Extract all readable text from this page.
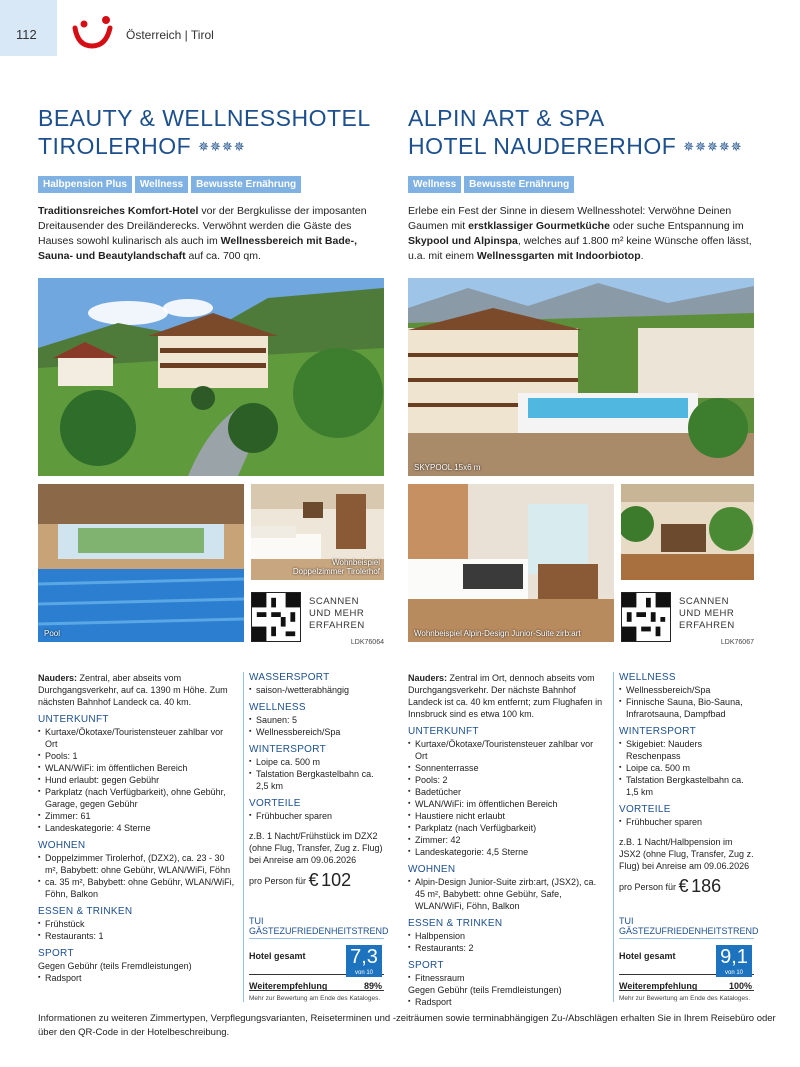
112	Österreich | Tirol
BEAUTY & WELLNESSHOTEL
TIROLERHOF ✵✵✵✵
Halbpension Plus Wellness Bewusste Ernährung

Traditionsreiches Komfort-Hotel vor der Bergkulisse der imposanten Dreitausender des Dreiländerecks. Verwöhnt werden die Gäste des Hauses sowohl kulinarisch als auch im Wellnessbereich mit Bade-, Sauna- und Beautylandschaft auf ca. 700 qm.

Pool
Wohnbeispiel
Doppelzimmer Tirolerhof
SCANNEN
UND MEHR
ERFAHREN
LDK76064

Nauders: Zentral, aber abseits vom Durchgangsverkehr, auf ca. 1390 m Höhe. Zum nächsten Bahnhof Landeck ca. 40 km.

UNTERKUNFT
▪ Kurtaxe/Ökotaxe/Touristensteuer zahlbar vor Ort
▪ Pools: 1
▪ WLAN/WiFi: im öffentlichen Bereich
▪ Hund erlaubt: gegen Gebühr
▪ Parkplatz (nach Verfügbarkeit), ohne Gebühr, Garage, gegen Gebühr
▪ Zimmer: 61
▪ Landeskategorie: 4 Sterne
WOHNEN
▪ Doppelzimmer Tirolerhof, (DZX2), ca. 23 - 30 m², Babybett: ohne Gebühr, WLAN/WiFi, Föhn
▪ ca. 35 m², Babybett: ohne Gebühr, WLAN/WiFi, Föhn, Balkon
ESSEN & TRINKEN
▪ Frühstück
▪ Restaurants: 1
SPORT

Gegen Gebühr (teils Fremdleistungen)

▪ Radsport
WASSERSPORT
▪ saison-/wetterabhängig
WELLNESS
▪ Saunen: 5
▪ Wellnessbereich/Spa
WINTERSPORT
▪ Loipe ca. 500 m
▪ Talstation Bergkastelbahn ca. 2,5 km
VORTEILE
▪ Frühbucher sparen

z.B. 1 Nacht/Frühstück im DZX2 (ohne Flug, Transfer, Zug z. Flug) bei Anreise am 09.06.2026

pro Person für € 102

TUI GÄSTEZUFRIEDENHEITSTREND
Hotel gesamt 7,3
von 10
Weiterempfehlung	89%
Mehr zur Bewertung am Ende des Kataloges.
ALPIN ART & SPA
HOTEL NAUDERERHOF ✵✵✵✵✵
Wellness Bewusste Ernährung

Erlebe ein Fest der Sinne in diesem Wellnesshotel: Verwöhne Deinen Gaumen mit erstklassiger Gourmetküche oder suche Entspannung im Skypool und Alpinspa, welches auf 1.800 m² keine Wünsche offen lässt, u.a. mit einem Wellnessgarten mit Indoorbiotop.

SKYPOOL 15x6 m
Wohnbeispiel Alpin-Design Junior-Suite zirb:art
SCANNEN
UND MEHR
ERFAHREN
LDK76067

Nauders: Zentral im Ort, dennoch abseits vom Durchgangsverkehr. Der nächste Bahnhof Landeck ist ca. 40 km entfernt; zum Flughafen in Innsbruck sind es etwa 100 km.

UNTERKUNFT
▪ Kurtaxe/Ökotaxe/Touristensteuer zahlbar vor Ort
▪ Sonnenterrasse
▪ Pools: 2
▪ Badetücher
▪ WLAN/WiFi: im öffentlichen Bereich
▪ Haustiere nicht erlaubt
▪ Parkplatz (nach Verfügbarkeit)
▪ Zimmer: 42
▪ Landeskategorie: 4,5 Sterne
WOHNEN
▪ Alpin-Design Junior-Suite zirb:art, (JSX2), ca. 45 m², Babybett: ohne Gebühr, Safe, WLAN/WiFi, Föhn, Balkon
ESSEN & TRINKEN
▪ Halbpension
▪ Restaurants: 2
SPORT
▪ Fitnessraum

Gegen Gebühr (teils Fremdleistungen)

▪ Radsport
WELLNESS
▪ Wellnessbereich/Spa
▪ Finnische Sauna, Bio-Sauna, Infrarotsauna, Dampfbad
WINTERSPORT
▪ Skigebiet: Nauders Reschenpass
▪ Loipe ca. 500 m
▪ Talstation Bergkastelbahn ca. 1,5 km
VORTEILE
▪ Frühbucher sparen

z.B. 1 Nacht/Halbpension im JSX2 (ohne Flug, Transfer, Zug z. Flug) bei Anreise am 09.06.2026

pro Person für € 186

TUI GÄSTEZUFRIEDENHEITSTREND
Hotel gesamt 9,1
von 10
Weiterempfehlung	100%
Mehr zur Bewertung am Ende des Kataloges.

Informationen zu weiteren Zimmertypen, Verpflegungsvarianten, Reiseterminen und -zeiträumen sowie terminabhängigen Zu-/Abschlägen erhalten Sie in Ihrem Reisebüro oder über den QR-Code in der Hotelbeschreibung.
